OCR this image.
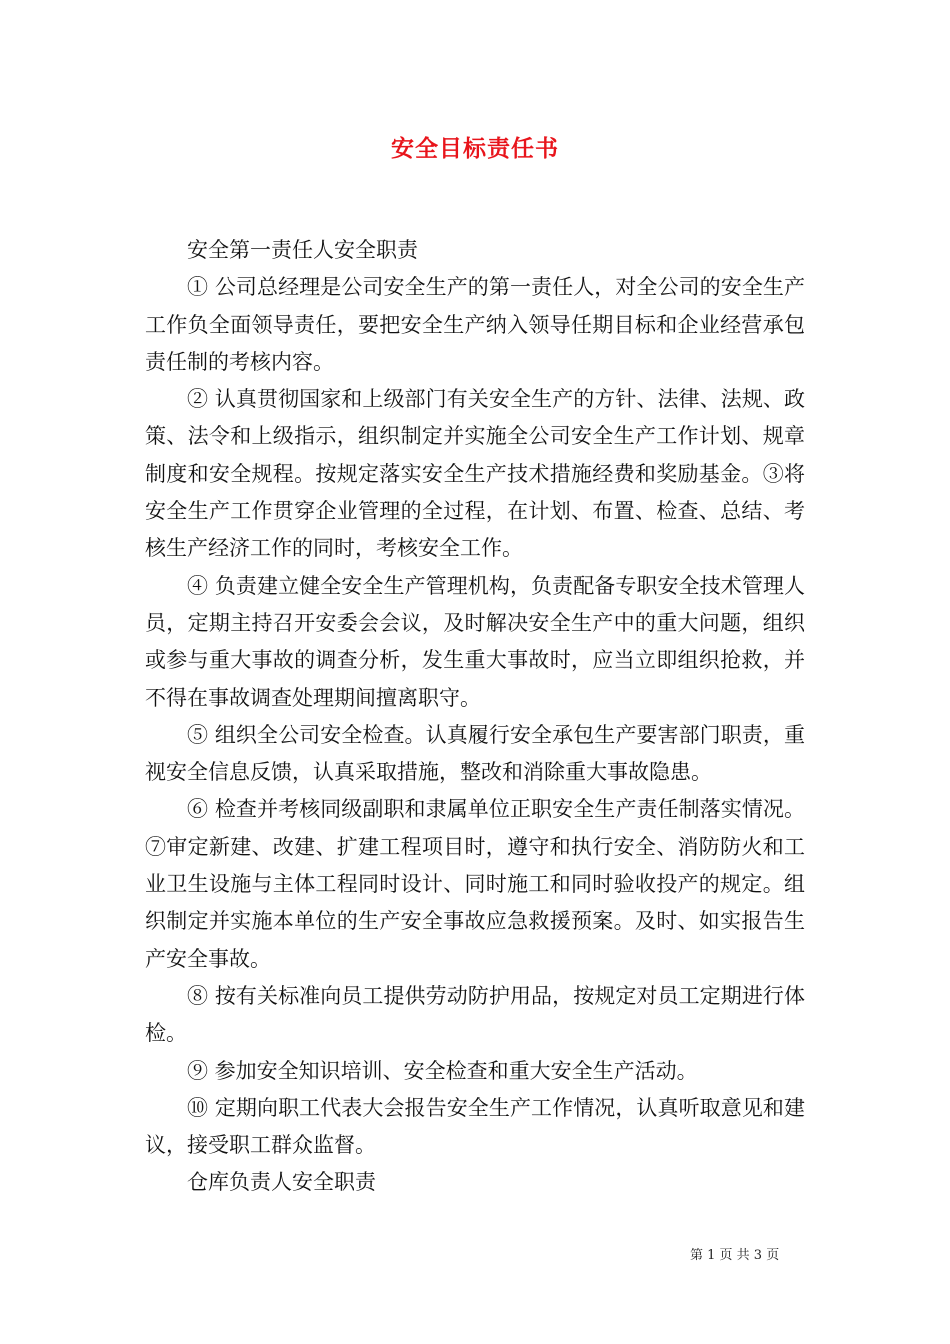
安全目标责任书

安全第一责任人安全职责

① 公司总经理是公司安全生产的第一责任人，对全公司的安全生产工作负全面领导责任，要把安全生产纳入领导任期目标和企业经营承包责任制的考核内容。

② 认真贯彻国家和上级部门有关安全生产的方针、法律、法规、政策、法令和上级指示，组织制定并实施全公司安全生产工作计划、规章制度和安全规程。按规定落实安全生产技术措施经费和奖励基金。③将安全生产工作贯穿企业管理的全过程，在计划、布置、检查、总结、考核生产经济工作的同时，考核安全工作。

④ 负责建立健全安全生产管理机构，负责配备专职安全技术管理人员，定期主持召开安委会会议，及时解决安全生产中的重大问题，组织或参与重大事故的调查分析，发生重大事故时，应当立即组织抢救，并不得在事故调查处理期间擅离职守。

⑤ 组织全公司安全检查。认真履行安全承包生产要害部门职责，重视安全信息反馈，认真采取措施，整改和消除重大事故隐患。

⑥ 检查并考核同级副职和隶属单位正职安全生产责任制落实情况。⑦审定新建、改建、扩建工程项目时，遵守和执行安全、消防防火和工业卫生设施与主体工程同时设计、同时施工和同时验收投产的规定。组织制定并实施本单位的生产安全事故应急救援预案。及时、如实报告生产安全事故。

⑧ 按有关标准向员工提供劳动防护用品，按规定对员工定期进行体检。

⑨ 参加安全知识培训、安全检查和重大安全生产活动。

⑩ 定期向职工代表大会报告安全生产工作情况，认真听取意见和建议，接受职工群众监督。

仓库负责人安全职责

第 1 页 共 3 页
